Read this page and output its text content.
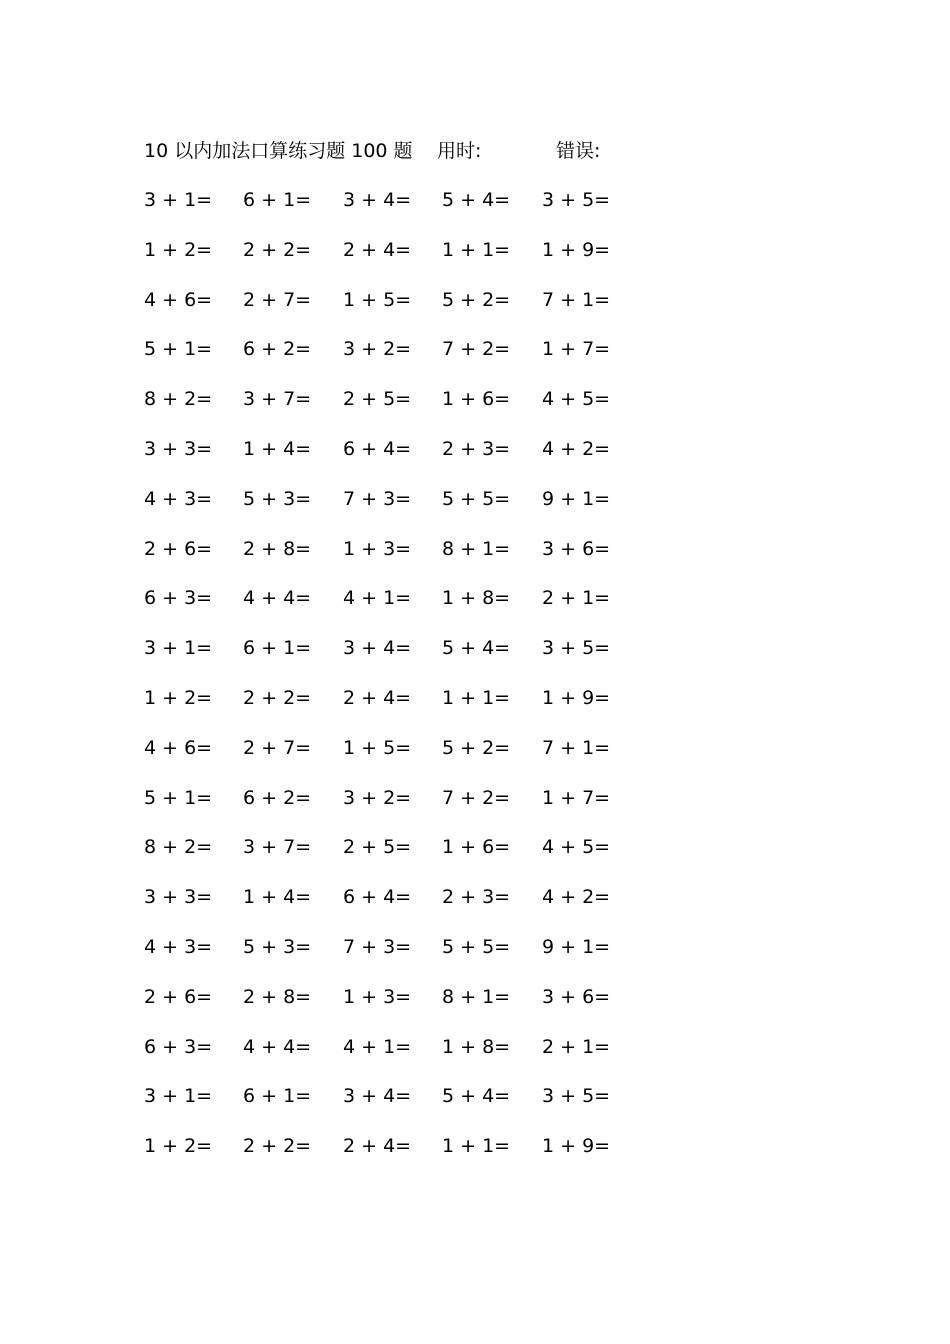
10 以内加法口算练习题 100 题 用时:	错误:
3 + 1= 6 + 1= 3 + 4= 5 + 4= 3 + 5=
1 + 2= 2 + 2= 2 + 4= 1 + 1= 1 + 9=
4 + 6= 2 + 7= 1 + 5= 5 + 2= 7 + 1=
5 + 1= 6 + 2= 3 + 2= 7 + 2= 1 + 7=
8 + 2= 3 + 7= 2 + 5= 1 + 6= 4 + 5=
3 + 3= 1 + 4= 6 + 4= 2 + 3= 4 + 2=
4 + 3= 5 + 3= 7 + 3= 5 + 5= 9 + 1=
2 + 6= 2 + 8= 1 + 3= 8 + 1= 3 + 6=
6 + 3= 4 + 4= 4 + 1= 1 + 8= 2 + 1=
3 + 1= 6 + 1= 3 + 4= 5 + 4= 3 + 5=
1 + 2= 2 + 2= 2 + 4= 1 + 1= 1 + 9=
4 + 6= 2 + 7= 1 + 5= 5 + 2= 7 + 1=
5 + 1= 6 + 2= 3 + 2= 7 + 2= 1 + 7=
8 + 2= 3 + 7= 2 + 5= 1 + 6= 4 + 5=
3 + 3= 1 + 4= 6 + 4= 2 + 3= 4 + 2=
4 + 3= 5 + 3= 7 + 3= 5 + 5= 9 + 1=
2 + 6= 2 + 8= 1 + 3= 8 + 1= 3 + 6=
6 + 3= 4 + 4= 4 + 1= 1 + 8= 2 + 1=
3 + 1= 6 + 1= 3 + 4= 5 + 4= 3 + 5=
1 + 2= 2 + 2= 2 + 4= 1 + 1= 1 + 9=
